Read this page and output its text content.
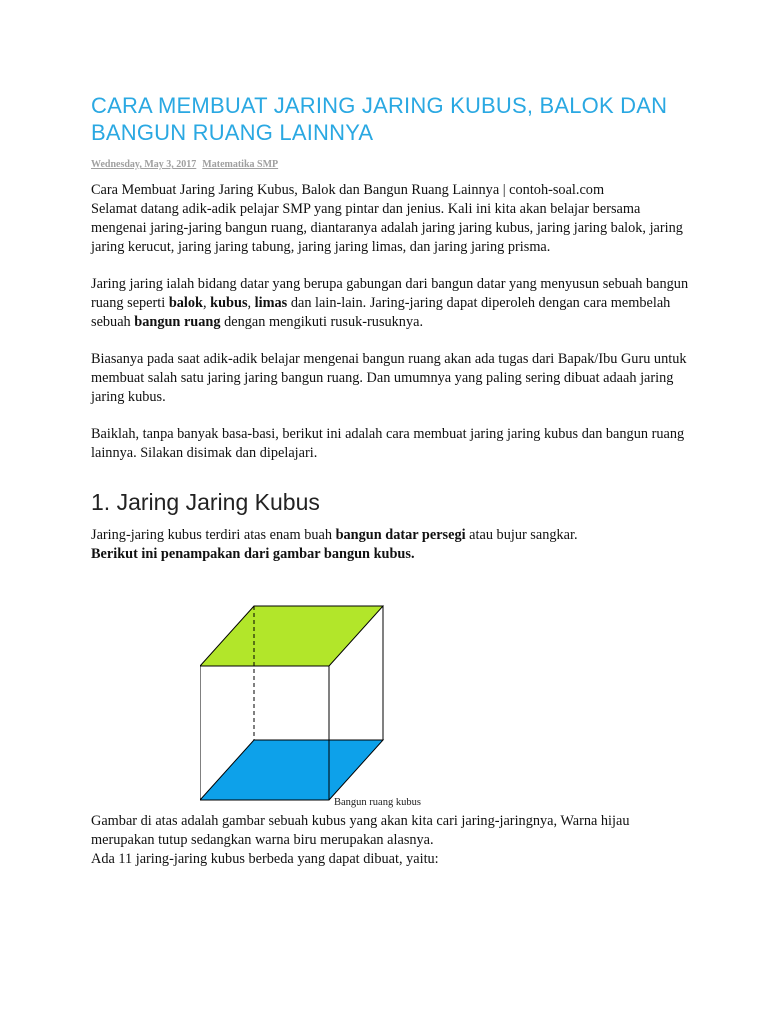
CARA MEMBUAT JARING JARING KUBUS, BALOK DAN BANGUN RUANG LAINNYA
Wednesday, May 3, 2017 Matematika SMP

Cara Membuat Jaring Jaring Kubus, Balok dan Bangun Ruang Lainnya | contoh-soal.com
Selamat datang adik-adik pelajar SMP yang pintar dan jenius. Kali ini kita akan belajar bersama mengenai jaring-jaring bangun ruang, diantaranya adalah jaring jaring kubus, jaring jaring balok, jaring jaring kerucut, jaring jaring tabung, jaring jaring limas, dan jaring jaring prisma.

Jaring jaring ialah bidang datar yang berupa gabungan dari bangun datar yang menyusun sebuah bangun ruang seperti balok, kubus, limas dan lain-lain. Jaring-jaring dapat diperoleh dengan cara membelah sebuah bangun ruang dengan mengikuti rusuk-rusuknya.

Biasanya pada saat adik-adik belajar mengenai bangun ruang akan ada tugas dari Bapak/Ibu Guru untuk membuat salah satu jaring jaring bangun ruang. Dan umumnya yang paling sering dibuat adaah jaring jaring kubus.

Baiklah, tanpa banyak basa-basi, berikut ini adalah cara membuat jaring jaring kubus dan bangun ruang lainnya. Silakan disimak dan dipelajari.

1. Jaring Jaring Kubus

Jaring-jaring kubus terdiri atas enam buah bangun datar persegi atau bujur sangkar.
Berikut ini penampakan dari gambar bangun kubus.

Bangun ruang kubus

Gambar di atas adalah gambar sebuah kubus yang akan kita cari jaring-jaringnya, Warna hijau merupakan tutup sedangkan warna biru merupakan alasnya.

Ada 11 jaring-jaring kubus berbeda yang dapat dibuat, yaitu:
